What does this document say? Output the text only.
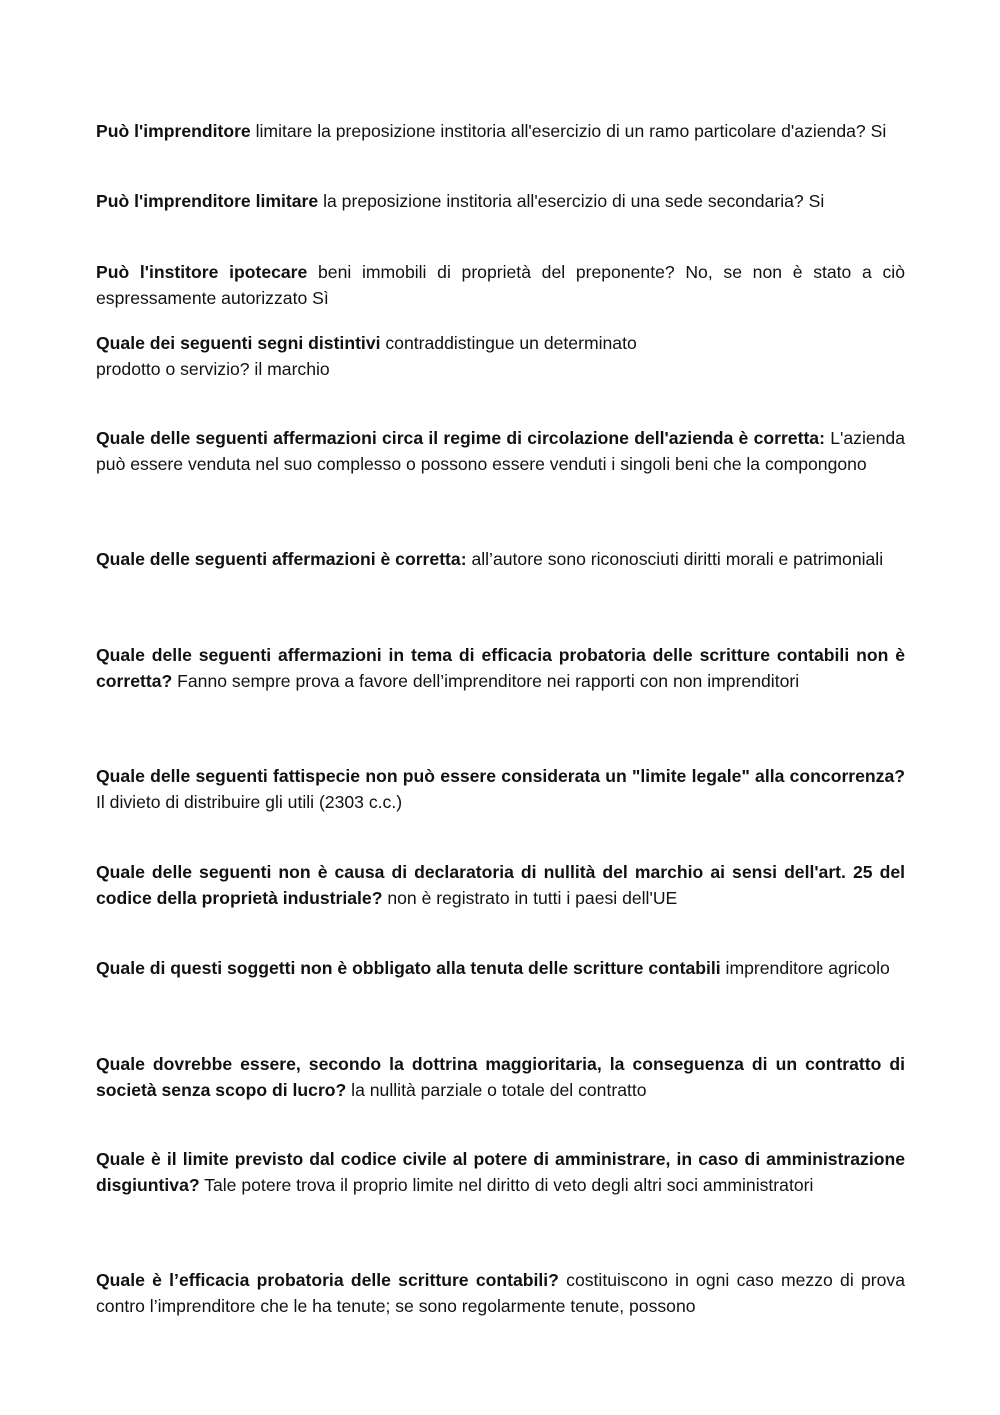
Può l'imprenditore limitare la preposizione institoria all'esercizio di un ramo particolare d'azienda? Si

Può l'imprenditore limitare la preposizione institoria all'esercizio di una sede secondaria? Si

Può l'institore ipotecare beni immobili di proprietà del preponente? No, se non è stato a ciò espressamente autorizzato Sì

Quale dei seguenti segni distintivi contraddistingue un determinato
prodotto o servizio? il marchio

Quale delle seguenti affermazioni circa il regime di circolazione dell'azienda è corretta: L'azienda può essere venduta nel suo complesso o possono essere venduti i singoli beni che la compongono

Quale delle seguenti affermazioni è corretta: all’autore sono riconosciuti diritti morali e patrimoniali

Quale delle seguenti affermazioni in tema di efficacia probatoria delle scritture contabili non è corretta? Fanno sempre prova a favore dell’imprenditore nei rapporti con non imprenditori

Quale delle seguenti fattispecie non può essere considerata un "limite legale" alla concorrenza? Il divieto di distribuire gli utili (2303 c.c.)

Quale delle seguenti non è causa di declaratoria di nullità del marchio ai sensi dell'art. 25 del codice della proprietà industriale? non è registrato in tutti i paesi dell'UE

Quale di questi soggetti non è obbligato alla tenuta delle scritture contabili imprenditore agricolo

Quale dovrebbe essere, secondo la dottrina maggioritaria, la conseguenza di un contratto di società senza scopo di lucro? la nullità parziale o totale del contratto

Quale è il limite previsto dal codice civile al potere di amministrare, in caso di amministrazione disgiuntiva? Tale potere trova il proprio limite nel diritto di veto degli altri soci amministratori

Quale è l’efficacia probatoria delle scritture contabili? costituiscono in ogni caso mezzo di prova contro l’imprenditore che le ha tenute; se sono regolarmente tenute, possono
